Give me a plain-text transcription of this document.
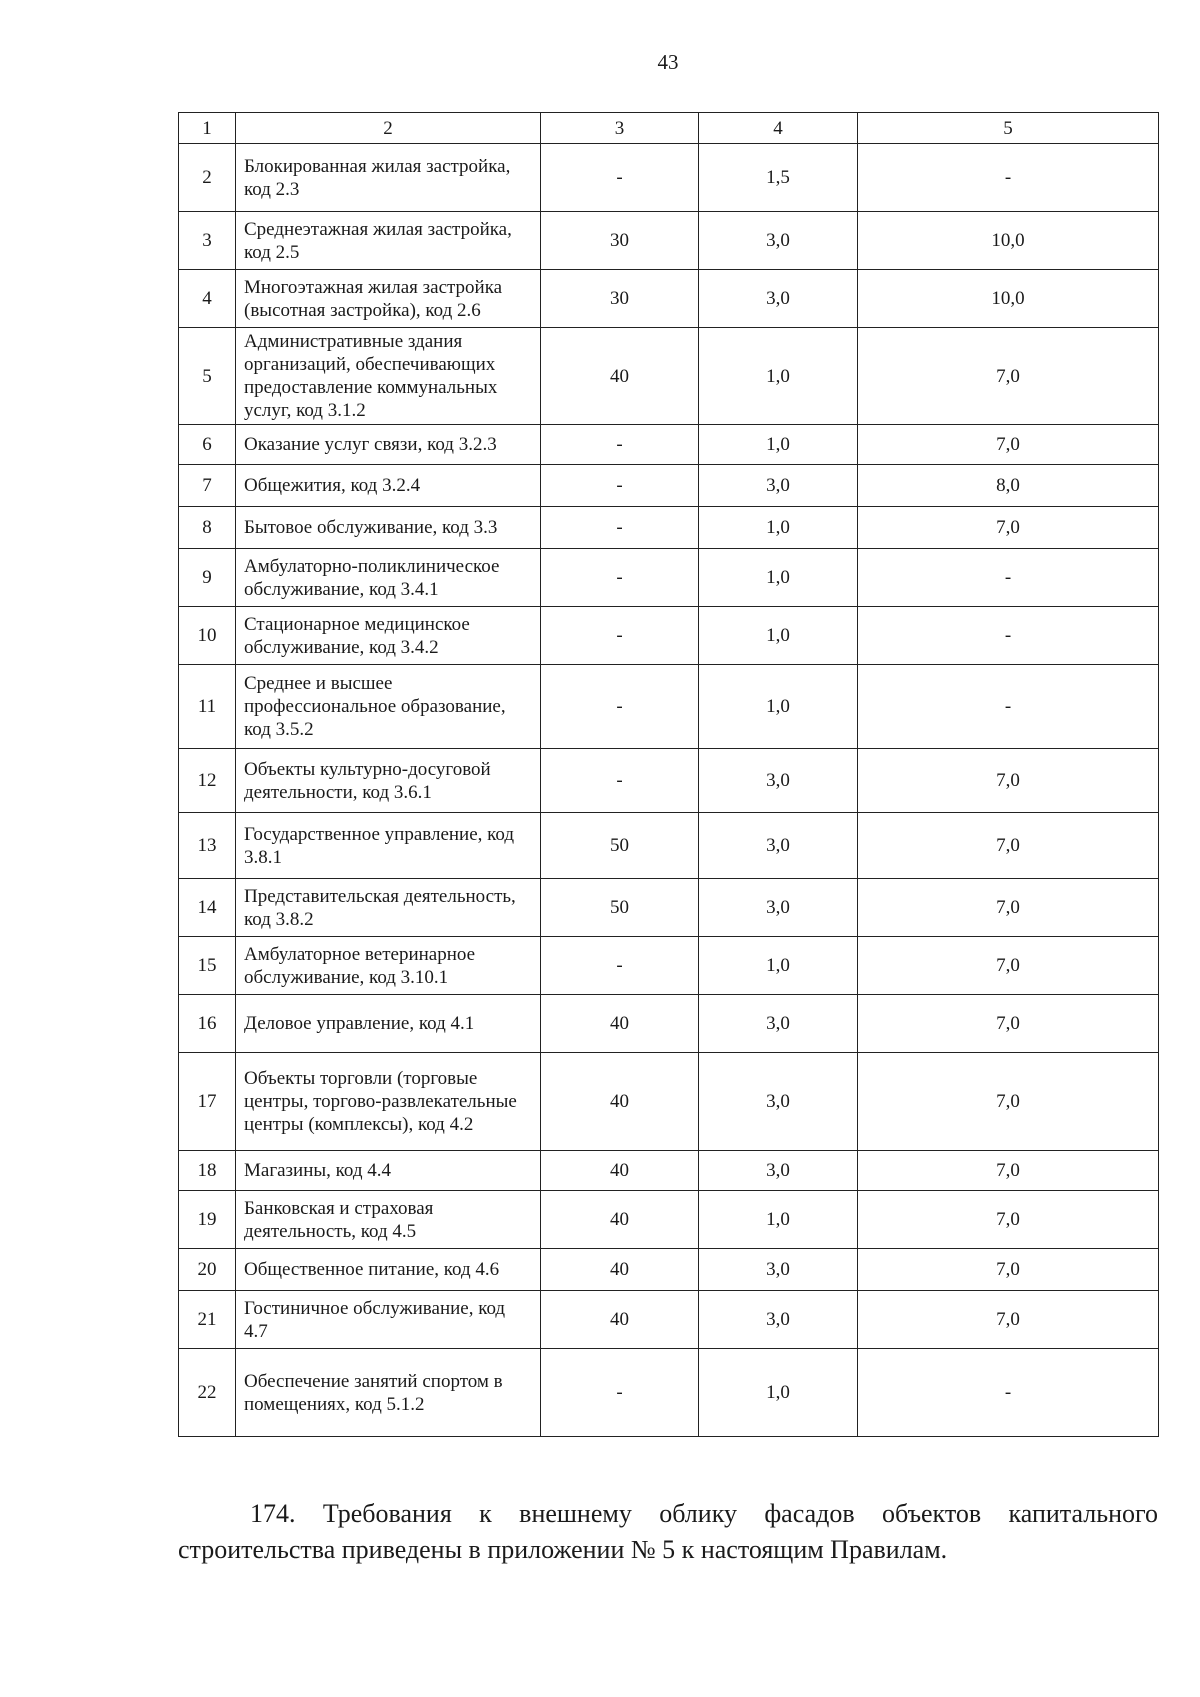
43
1	2	3	4	5
2	Блокированная жилая застройка, код 2.3	-	1,5	-
3	Среднеэтажная жилая застройка, код 2.5	30	3,0	10,0
4	Многоэтажная жилая застройка (высотная застройка), код 2.6	30	3,0	10,0
5	Административные здания организаций, обеспечивающих предоставление коммунальных услуг, код 3.1.2	40	1,0	7,0
6	Оказание услуг связи, код 3.2.3	-	1,0	7,0
7	Общежития, код 3.2.4	-	3,0	8,0
8	Бытовое обслуживание, код 3.3	-	1,0	7,0
9	Амбулаторно-поликлиническое обслуживание, код 3.4.1	-	1,0	-
10	Стационарное медицинское обслуживание, код 3.4.2	-	1,0	-
11	Среднее и высшее профессиональное образование, код 3.5.2	-	1,0	-
12	Объекты культурно-досуговой деятельности, код 3.6.1	-	3,0	7,0
13	Государственное управление, код 3.8.1	50	3,0	7,0
14	Представительская деятельность, код 3.8.2	50	3,0	7,0
15	Амбулаторное ветеринарное обслуживание, код 3.10.1	-	1,0	7,0
16	Деловое управление, код 4.1	40	3,0	7,0
17	Объекты торговли (торговые центры, торгово-развлекательные центры (комплексы), код 4.2	40	3,0	7,0
18	Магазины, код 4.4	40	3,0	7,0
19	Банковская и страховая деятельность, код 4.5	40	1,0	7,0
20	Общественное питание, код 4.6	40	3,0	7,0
21	Гостиничное обслуживание, код 4.7	40	3,0	7,0
22	Обеспечение занятий спортом в помещениях, код 5.1.2	-	1,0	-
174. Требования к внешнему облику фасадов объектов капитального строительства приведены в приложении № 5 к настоящим Правилам.
